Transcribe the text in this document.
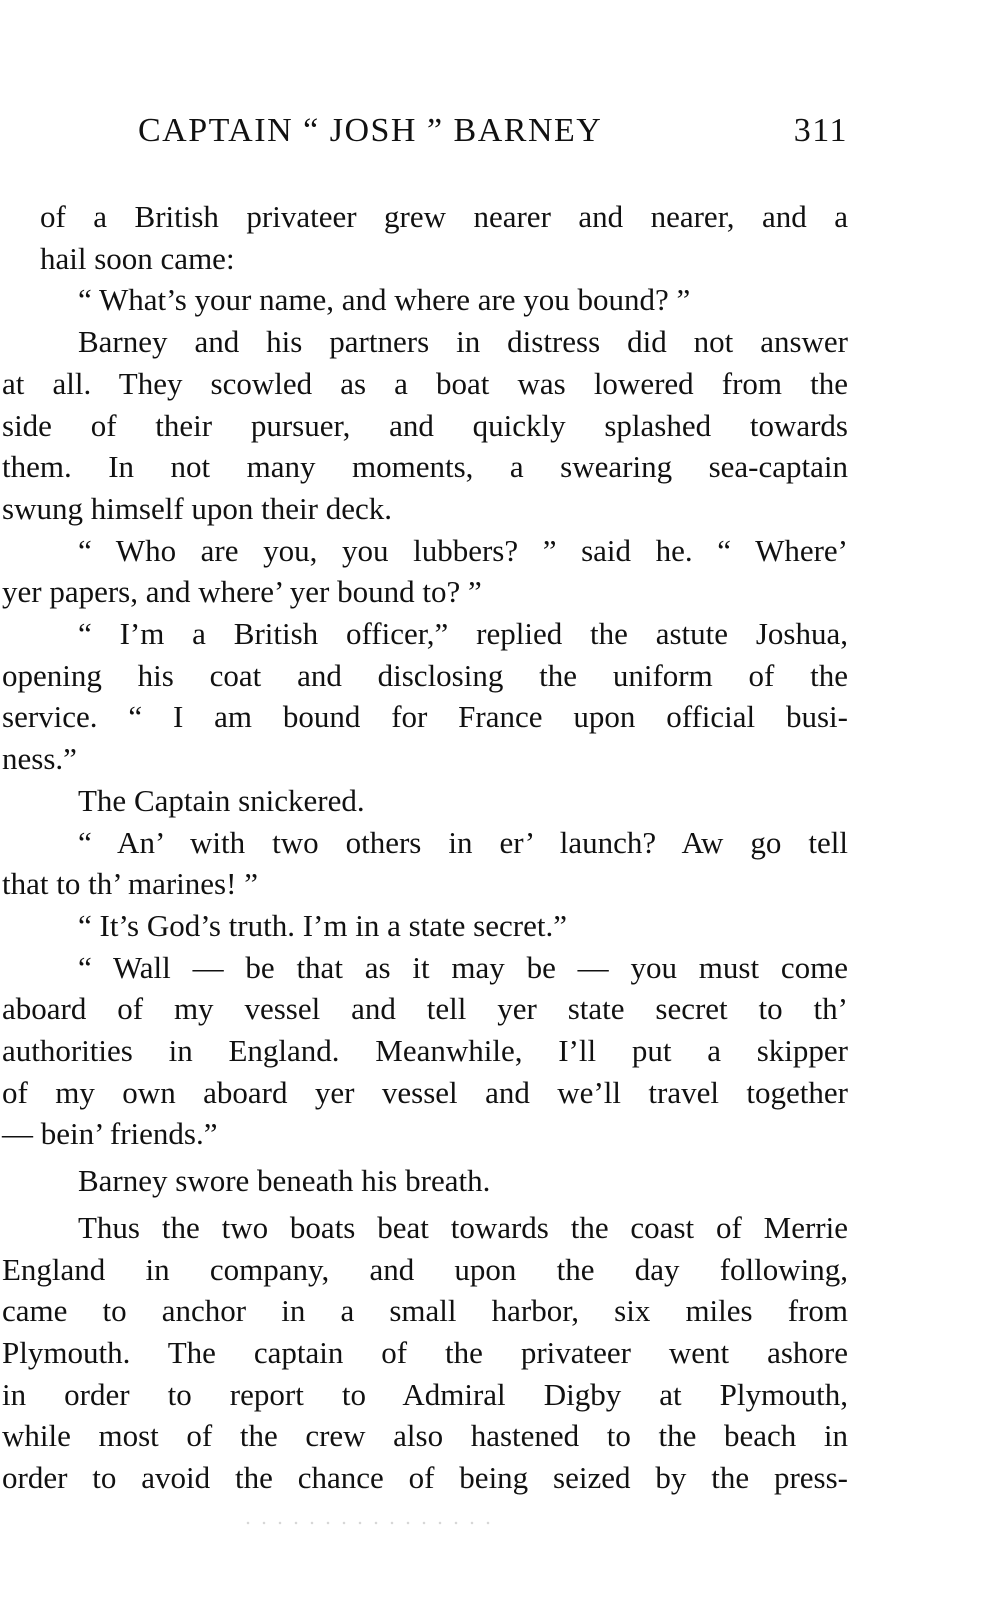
CAPTAIN “ JOSH ” BARNEY	311

of a British privateer grew nearer and nearer, and a
hail soon came:

“ What’s your name, and where are you bound? ”

Barney and his partners in distress did not answer
at all. They scowled as a boat was lowered from the
side of their pursuer, and quickly splashed towards
them. In not many moments, a swearing sea-captain
swung himself upon their deck.

“ Who are you, you lubbers? ” said he. “ Where’
yer papers, and where’ yer bound to? ”

“ I’m a British officer,” replied the astute Joshua,
opening his coat and disclosing the uniform of the
service. “ I am bound for France upon official busi-
ness.”

The Captain snickered.

“ An’ with two others in er’ launch? Aw go tell
that to th’ marines! ”

“ It’s God’s truth. I’m in a state secret.”

“ Wall — be that as it may be — you must come
aboard of my vessel and tell yer state secret to th’
authorities in England. Meanwhile, I’ll put a skipper
of my own aboard yer vessel and we’ll travel together
— bein’ friends.”

Barney swore beneath his breath.

Thus the two boats beat towards the coast of Merrie
England in company, and upon the day following,
came to anchor in a small harbor, six miles from
Plymouth. The captain of the privateer went ashore
in order to report to Admiral Digby at Plymouth,
while most of the crew also hastened to the beach in
order to avoid the chance of being seized by the press-
